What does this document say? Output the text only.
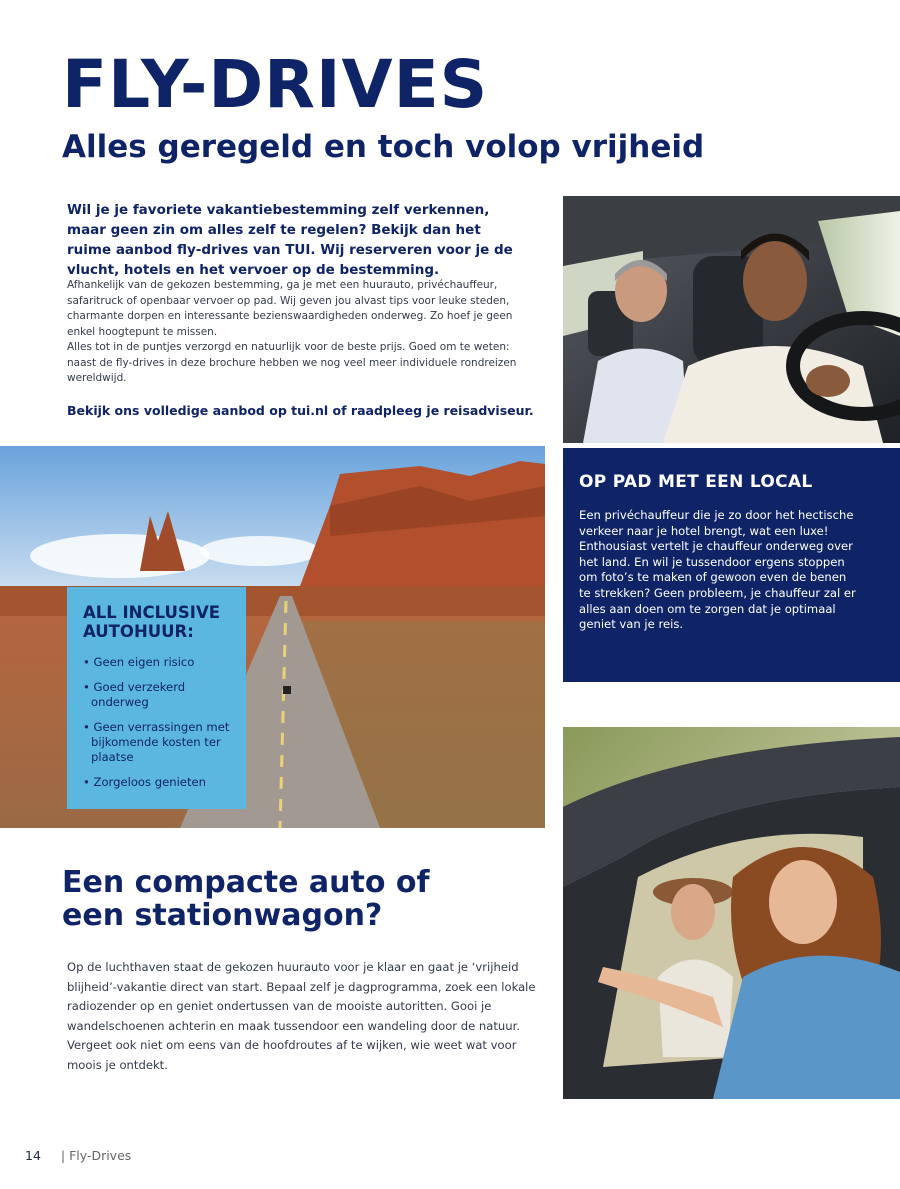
FLY-DRIVES
Alles geregeld en toch volop vrijheid

Wil je je favoriete vakantiebestemming zelf verkennen, maar geen zin om alles zelf te regelen? Bekijk dan het ruime aanbod fly-drives van TUI. Wij reserveren voor je de vlucht, hotels en het vervoer op de bestemming.

Afhankelijk van de gekozen bestemming, ga je met een huurauto, privéchauffeur, safaritruck of openbaar vervoer op pad. Wij geven jou alvast tips voor leuke steden, charmante dorpen en interessante bezienswaardigheden onderweg. Zo hoef je geen enkel hoogtepunt te missen.

Alles tot in de puntjes verzorgd en natuurlijk voor de beste prijs. Goed om te weten: naast de fly-drives in deze brochure hebben we nog veel meer individuele rondreizen wereldwijd.

Bekijk ons volledige aanbod op tui.nl of raadpleeg je reisadviseur.

OP PAD MET EEN LOCAL

Een privéchauffeur die je zo door het hectische verkeer naar je hotel brengt, wat een luxe! Enthousiast vertelt je chauffeur onderweg over het land. En wil je tussendoor ergens stoppen om foto’s te maken of gewoon even de benen te strekken? Geen probleem, je chauffeur zal er alles aan doen om te zorgen dat je optimaal geniet van je reis.

ALL INCLUSIVE AUTOHUUR:
• Geen eigen risico
• Goed verzekerd onderweg
• Geen verrassingen met bijkomende kosten ter plaatse
• Zorgeloos genieten
Een compacte auto of een stationwagon?

Op de luchthaven staat de gekozen huurauto voor je klaar en gaat je ‘vrijheid blijheid’-vakantie direct van start. Bepaal zelf je dagprogramma, zoek een lokale radiozender op en geniet ondertussen van de mooiste autoritten. Gooi je wandelschoenen achterin en maak tussendoor een wandeling door de natuur. Vergeet ook niet om eens van de hoofdroutes af te wijken, wie weet wat voor moois je ontdekt.

14 | Fly-Drives
